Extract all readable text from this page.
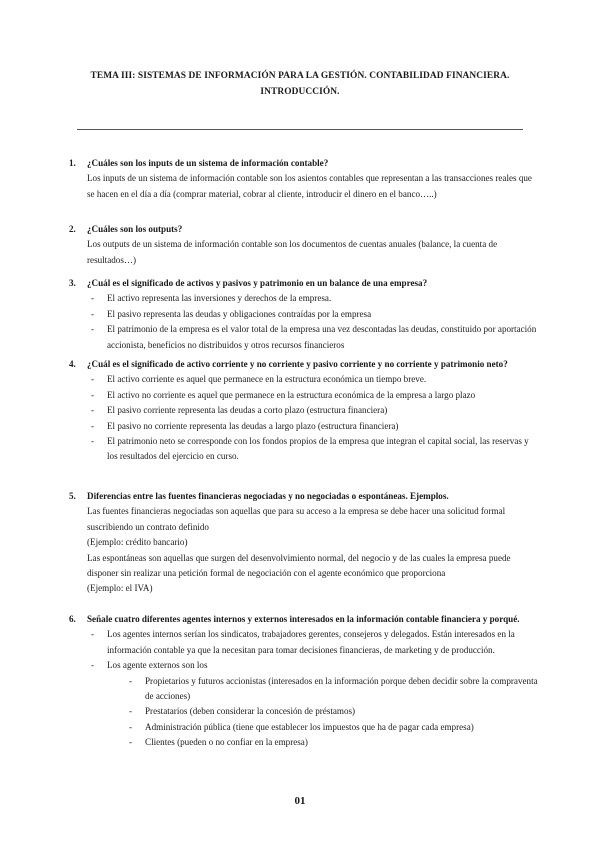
TEMA III: SISTEMAS DE INFORMACIÓN PARA LA GESTIÓN. CONTABILIDAD FINANCIERA.
INTRODUCCIÓN.
1. ¿Cuáles son los inputs de un sistema de información contable?

Los inputs de un sistema de información contable son los asientos contables que representan a las transacciones reales que se hacen en el día a día (comprar material, cobrar al cliente, introducir el dinero en el banco…..)

2. ¿Cuáles son los outputs?

Los outputs de un sistema de información contable son los documentos de cuentas anuales (balance, la cuenta de resultados…)

3. ¿Cuál es el significado de activos y pasivos y patrimonio en un balance de una empresa?

- El activo representa las inversiones y derechos de la empresa.
- El pasivo representa las deudas y obligaciones contraídas por la empresa
- El patrimonio de la empresa es el valor total de la empresa una vez descontadas las deudas, constituido por aportación accionista, beneficios no distribuidos y otros recursos financieros
4. ¿Cuál es el significado de activo corriente y no corriente y pasivo corriente y no corriente y patrimonio neto?

- El activo corriente es aquel que permanece en la estructura económica un tiempo breve.
- El activo no corriente es aquel que permanece en la estructura económica de la empresa a largo plazo
- El pasivo corriente representa las deudas a corto plazo (estructura financiera)
- El pasivo no corriente representa las deudas a largo plazo (estructura financiera)
- El patrimonio neto se corresponde con los fondos propios de la empresa que integran el capital social, las reservas y los resultados del ejercicio en curso.
5. Diferencias entre las fuentes financieras negociadas y no negociadas o espontáneas. Ejemplos.

Las fuentes financieras negociadas son aquellas que para su acceso a la empresa se debe hacer una solicitud formal suscribiendo un contrato definido

(Ejemplo: crédito bancario)

Las espontáneas son aquellas que surgen del desenvolvimiento normal, del negocio y de las cuales la empresa puede disponer sin realizar una petición formal de negociación con el agente económico que proporciona

(Ejemplo: el IVA)

6. Señale cuatro diferentes agentes internos y externos interesados en la información contable financiera y porqué.

- Los agentes internos serían los sindicatos, trabajadores gerentes, consejeros y delegados. Están interesados en la información contable ya que la necesitan para tomar decisiones financieras, de marketing y de producción.
- Los agente externos son los
- Propietarios y futuros accionistas (interesados en la información porque deben decidir sobre la compraventa de acciones)
- Prestatarios (deben considerar la concesión de préstamos)
- Administración pública (tiene que establecer los impuestos que ha de pagar cada empresa)
- Clientes (pueden o no confiar en la empresa)
01
